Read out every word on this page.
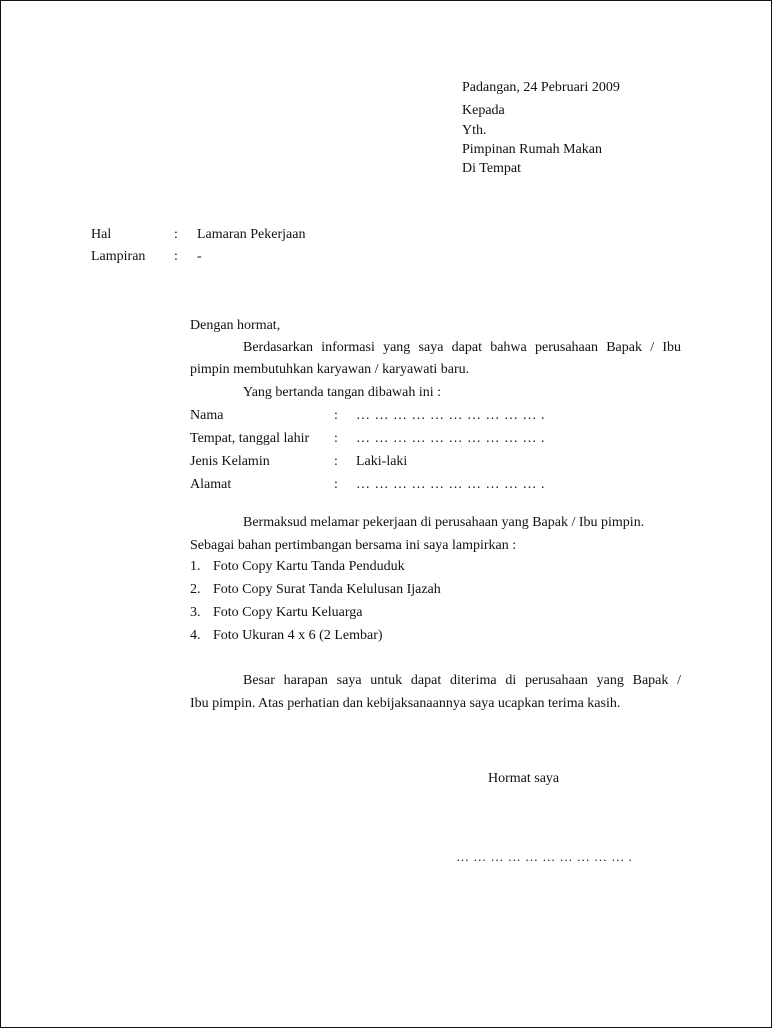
Padangan, 24 Pebruari 2009
Kepada
Yth.
Pimpinan Rumah Makan
Di Tempat
Hal	: Lamaran Pekerjaan
Lampiran : -
Dengan hormat,
Berdasarkan informasi yang saya dapat bahwa perusahaan Bapak / Ibu
pimpin membutuhkan karyawan / karyawati baru.
Yang bertanda tangan dibawah ini :
Nama	: … … … … … … … … … … .
Tempat, tanggal lahir : … … … … … … … … … … .
Jenis Kelamin	: Laki-laki
Alamat	: … … … … … … … … … … .
Bermaksud melamar pekerjaan di perusahaan yang Bapak / Ibu pimpin.
Sebagai bahan pertimbangan bersama ini saya lampirkan :
1. Foto Copy Kartu Tanda Penduduk
2. Foto Copy Surat Tanda Kelulusan Ijazah
3. Foto Copy Kartu Keluarga
4. Foto Ukuran 4 x 6 (2 Lembar)
Besar harapan saya untuk dapat diterima di perusahaan yang Bapak /
Ibu pimpin. Atas perhatian dan kebijaksanaannya saya ucapkan terima kasih.
Hormat saya
… … … … … … … … … … .
